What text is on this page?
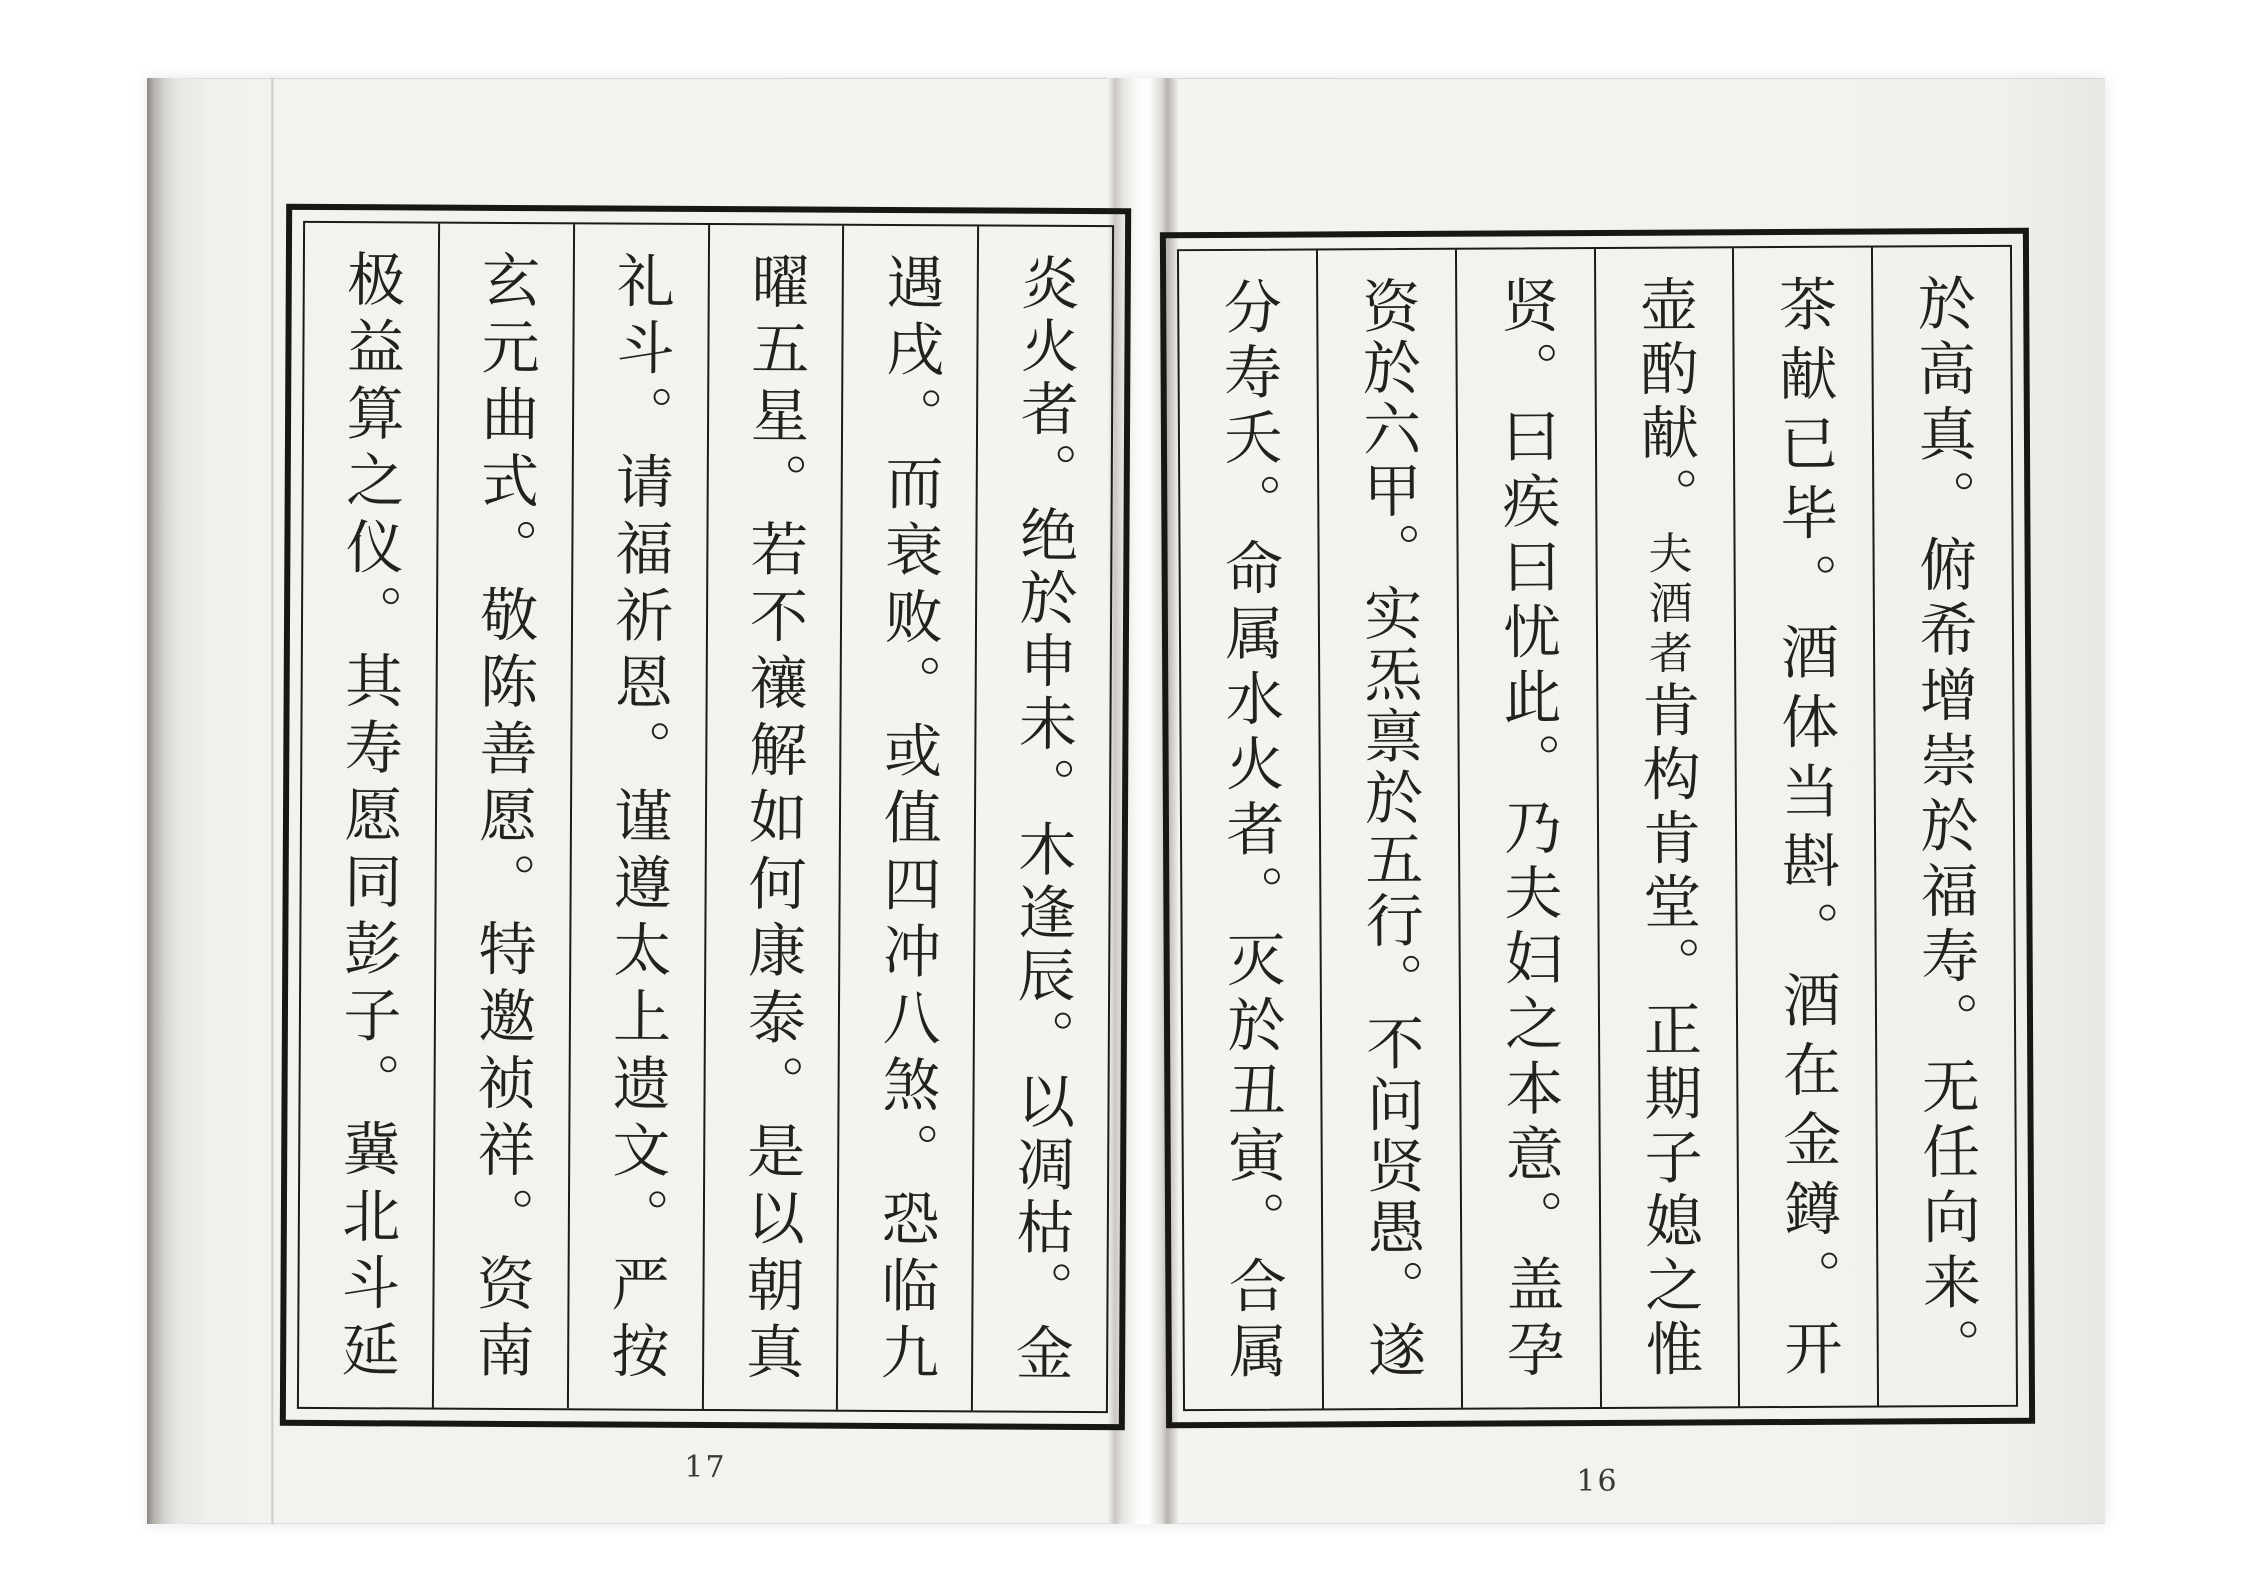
炎火者。绝於申未。木逢辰。以凋枯。金
遇戌。而衰败。或值四冲八煞。恐临九
曜五星。若不禳解如何康泰。是以朝真
礼斗。请福祈恩。谨遵太上遗文。严按
玄元曲式。敬陈善愿。特邀祯祥。资南
极益算之仪。其寿愿同彭子。冀北斗延
17
於高真。俯希增崇於福寿。无任向来。
茶献已毕。酒体当斟。酒在金鐏。开
壶酌献。夫酒者肯构肯堂。正期子媳之惟
贤。曰疾曰忧此。乃夫妇之本意。盖孕
资於六甲。实炁禀於五行。不问贤愚。遂
分寿夭。命属水火者。灭於丑寅。合属
16
